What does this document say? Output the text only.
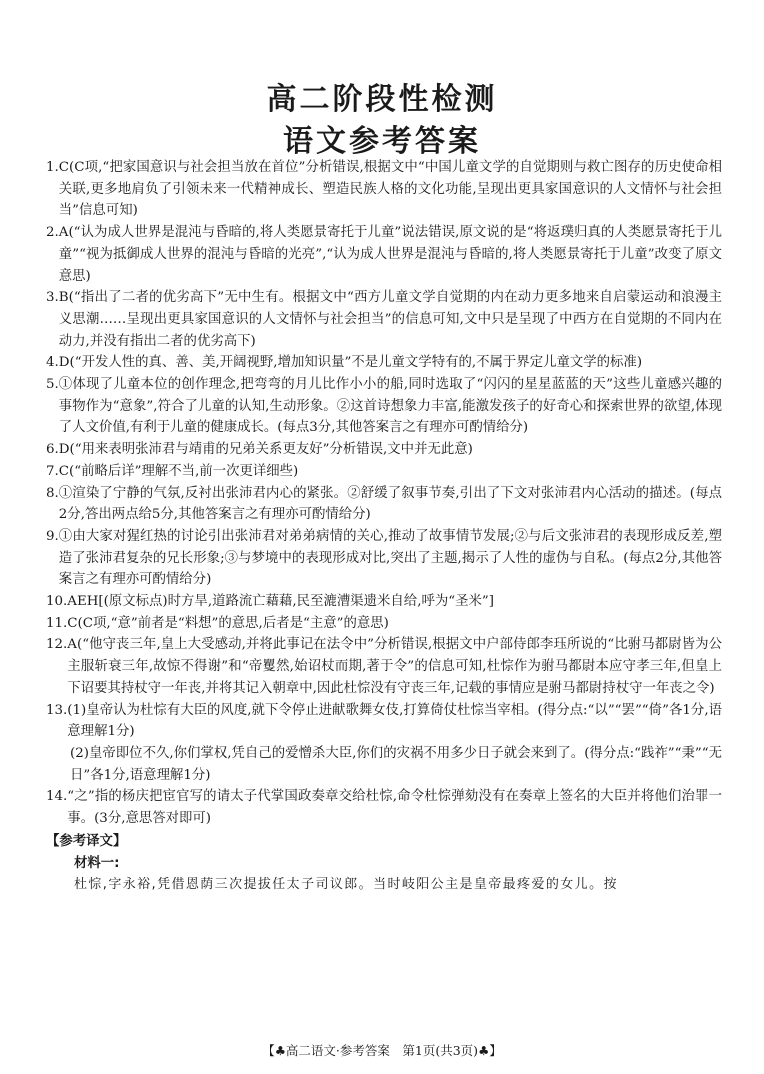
高二阶段性检测
语文参考答案
1. C(C项,“把家国意识与社会担当放在首位”分析错误,根据文中“中国儿童文学的自觉期则与救亡图存的历史使命相关联,更多地肩负了引领未来一代精神成长、塑造民族人格的文化功能,呈现出更具家国意识的人文情怀与社会担当”信息可知)
2. A(“认为成人世界是混沌与昏暗的,将人类愿景寄托于儿童”说法错误,原文说的是“将返璞归真的人类愿景寄托于儿童”“视为抵御成人世界的混沌与昏暗的光亮”,“认为成人世界是混沌与昏暗的,将人类愿景寄托于儿童”改变了原文意思)
3. B(“指出了二者的优劣高下”无中生有。根据文中“西方儿童文学自觉期的内在动力更多地来自启蒙运动和浪漫主义思潮……呈现出更具家国意识的人文情怀与社会担当”的信息可知,文中只是呈现了中西方在自觉期的不同内在动力,并没有指出二者的优劣高下)
4. D(“开发人性的真、善、美,开阔视野,增加知识量”不是儿童文学特有的,不属于界定儿童文学的标准)
5. ①体现了儿童本位的创作理念,把弯弯的月儿比作小小的船,同时选取了“闪闪的星星蓝蓝的天”这些儿童感兴趣的事物作为“意象”,符合了儿童的认知,生动形象。②这首诗想象力丰富,能激发孩子的好奇心和探索世界的欲望,体现了人文价值,有利于儿童的健康成长。(每点3分,其他答案言之有理亦可酌情给分)
6. D(“用来表明张沛君与靖甫的兄弟关系更友好”分析错误,文中并无此意)
7. C(“前略后详”理解不当,前一次更详细些)
8. ①渲染了宁静的气氛,反衬出张沛君内心的紧张。②舒缓了叙事节奏,引出了下文对张沛君内心活动的描述。(每点2分,答出两点给5分,其他答案言之有理亦可酌情给分)
9. ①由大家对猩红热的讨论引出张沛君对弟弟病情的关心,推动了故事情节发展;②与后文张沛君的表现形成反差,塑造了张沛君复杂的兄长形象;③与梦境中的表现形成对比,突出了主题,揭示了人性的虚伪与自私。(每点2分,其他答案言之有理亦可酌情给分)
10. AEH[(原文标点)时方旱,道路流亡藉藉,民至漉漕渠遗米自给,呼为“圣米”]
11. C(C项,“意”前者是“料想”的意思,后者是“主意”的意思)
12. A(“他守丧三年,皇上大受感动,并将此事记在法令中”分析错误,根据文中户部侍郎李珏所说的“比驸马都尉皆为公主服斩衰三年,故惊不得谢”和“帝矍然,始诏杖而期,著于令”的信息可知,杜悰作为驸马都尉本应守孝三年,但皇上下诏要其持杖守一年丧,并将其记入朝章中,因此杜悰没有守丧三年,记载的事情应是驸马都尉持杖守一年丧之令)
13. (1)皇帝认为杜悰有大臣的风度,就下令停止进献歌舞女伎,打算倚仗杜悰当宰相。(得分点:“以”“罢”“倚”各1分,语意理解1分)
(2)皇帝即位不久,你们掌权,凭自己的爱憎杀大臣,你们的灾祸不用多少日子就会来到了。(得分点:“践祚”“秉”“无日”各1分,语意理解1分)
14. “之”指的杨庆把宦官写的请太子代掌国政奏章交给杜悰,命令杜悰弹劾没有在奏章上签名的大臣并将他们治罪一事。(3分,意思答对即可)
【参考译文】
材料一:
杜悰,字永裕,凭借恩荫三次提拔任太子司议郎。当时岐阳公主是皇帝最疼爱的女儿。按
【♣高二语文·参考答案　第1页(共3页)♣】
